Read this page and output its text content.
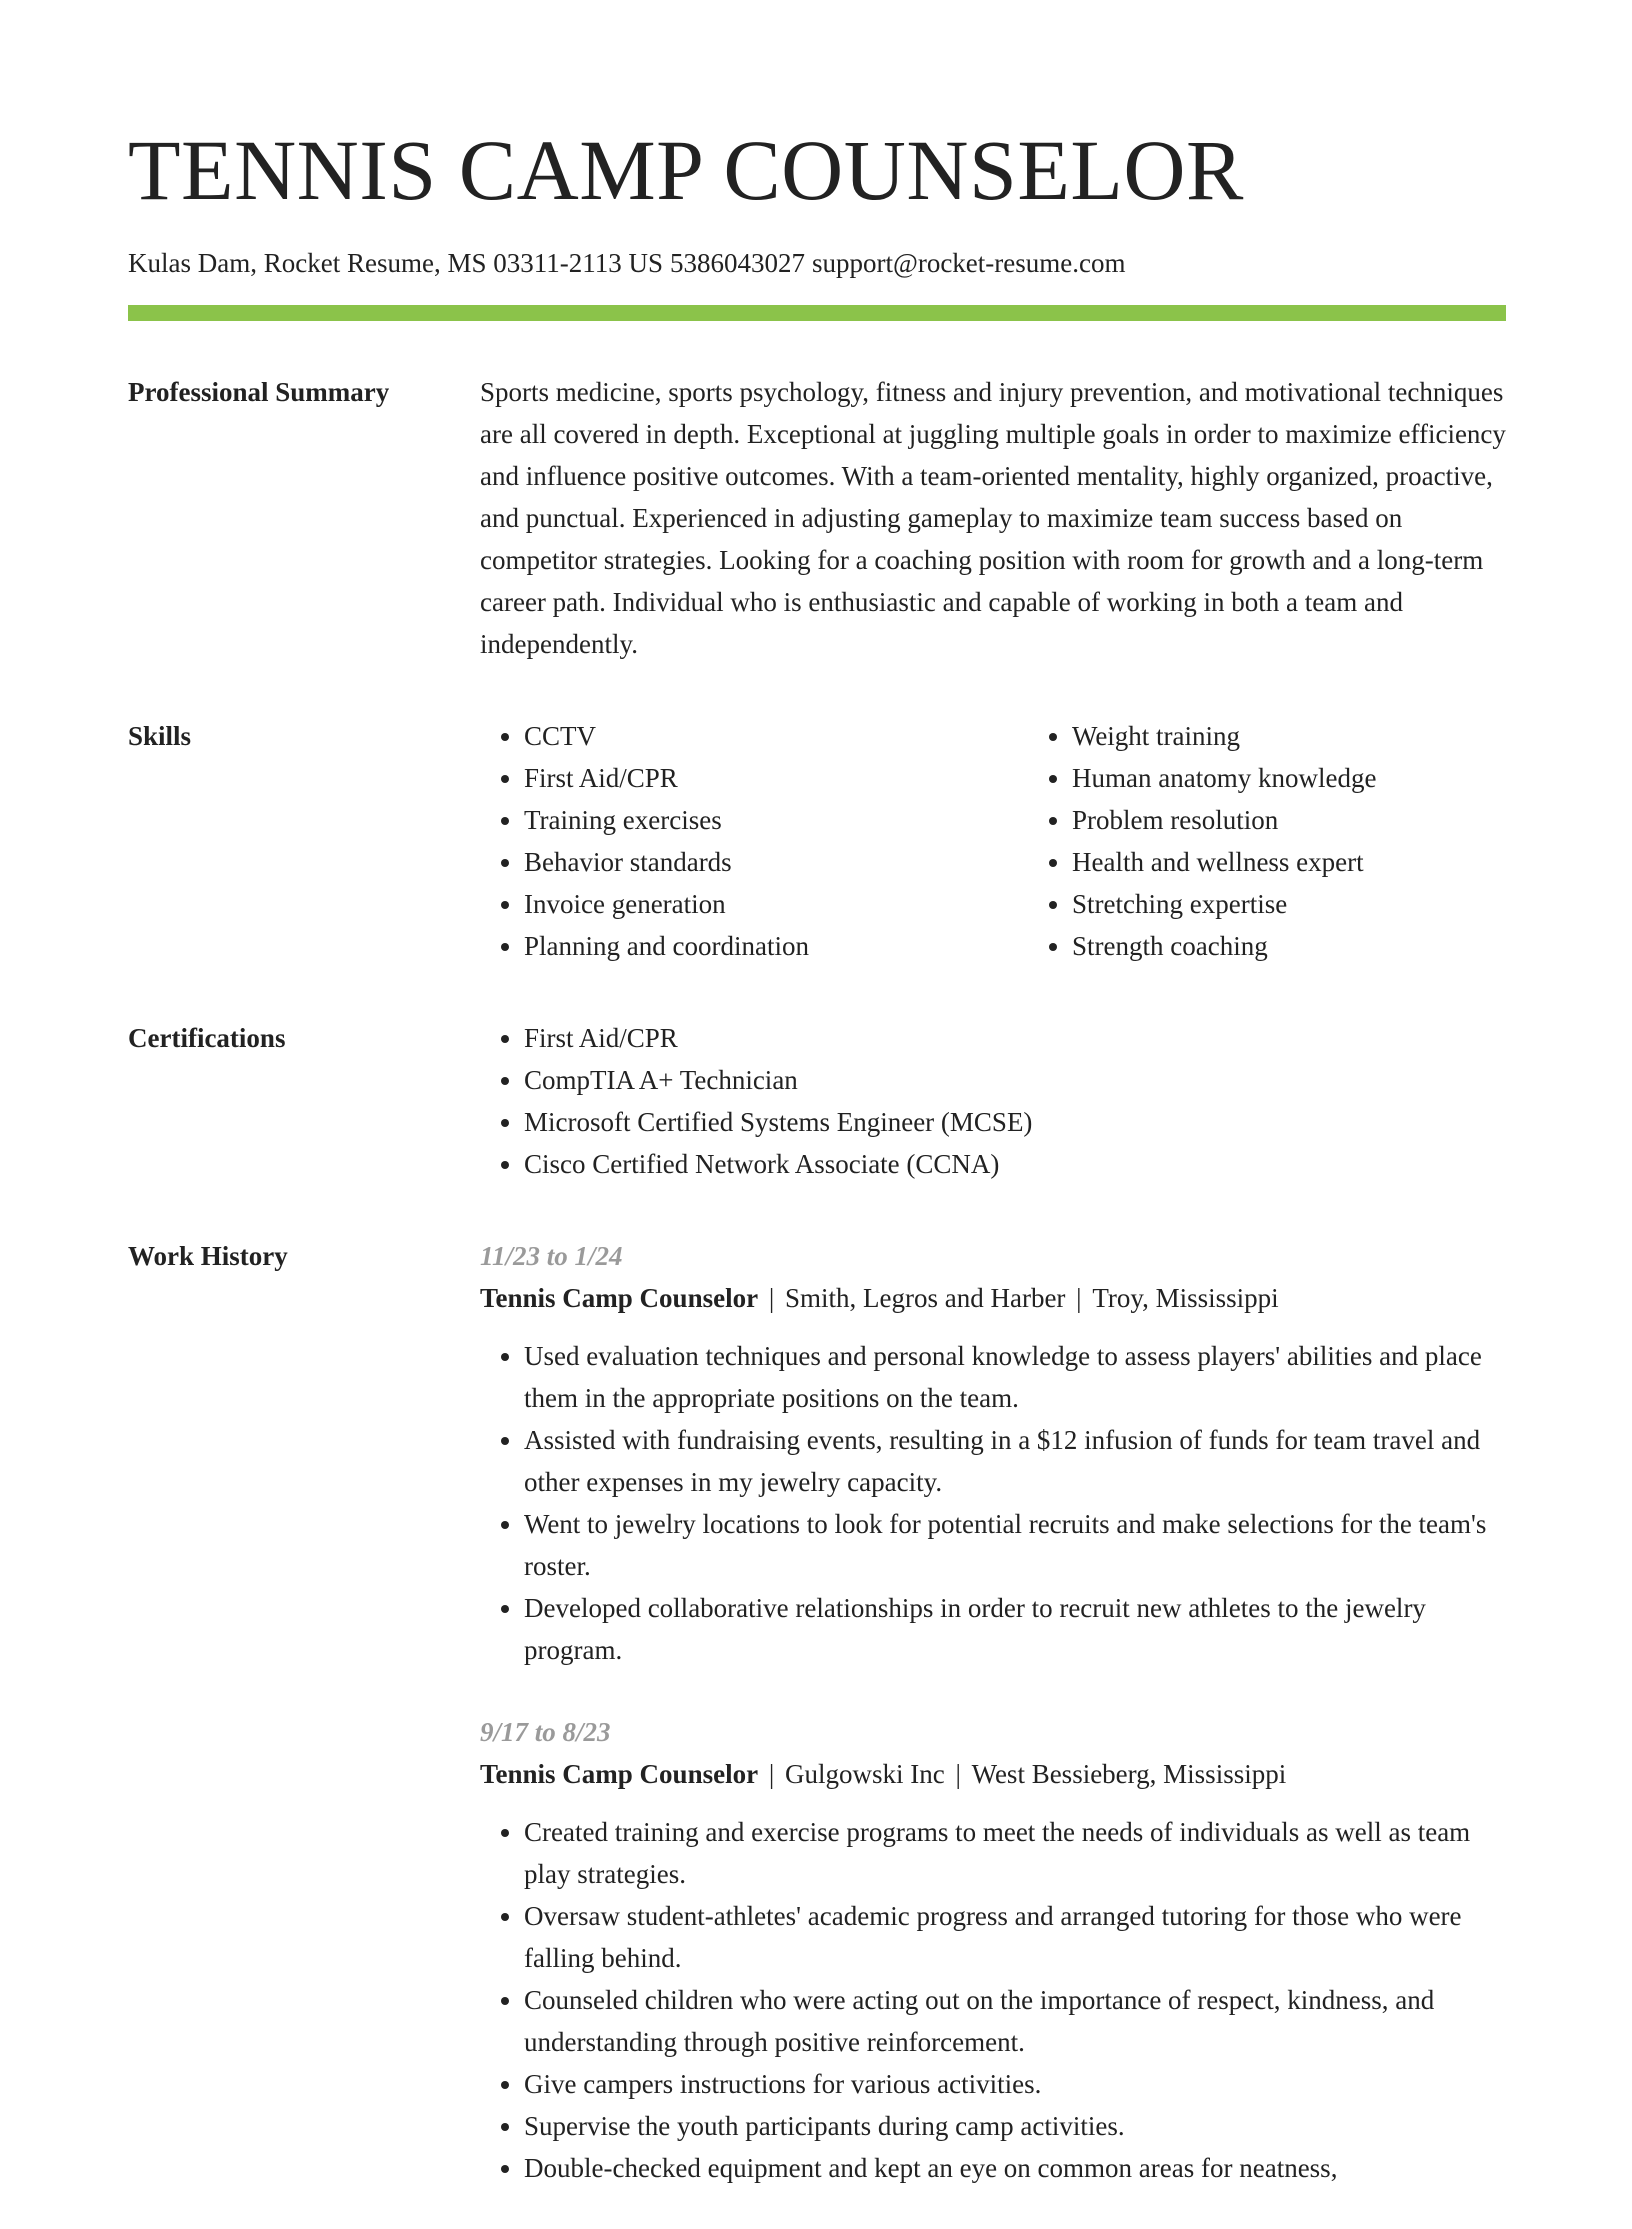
TENNIS CAMP COUNSELOR
Kulas Dam, Rocket Resume, MS 03311-2113 US 5386043027 support@rocket-resume.com
Professional Summary	Sports medicine, sports psychology, fitness and injury prevention, and motivational techniques are all covered in depth. Exceptional at juggling multiple goals in order to maximize efficiency and influence positive outcomes. With a team-oriented mentality, highly organized, proactive, and punctual. Experienced in adjusting gameplay to maximize team success based on competitor strategies. Looking for a coaching position with room for growth and a long-term career path. Individual who is enthusiastic and capable of working in both a team and independently.

Skills	• CCTV
• First Aid/CPR
• Training exercises
• Behavior standards
• Invoice generation
• Planning and coordination
• Weight training
• Human anatomy knowledge
• Problem resolution
• Health and wellness expert
• Stretching expertise
• Strength coaching
Certifications	• First Aid/CPR
• CompTIA A+ Technician
• Microsoft Certified Systems Engineer (MCSE)
• Cisco Certified Network Associate (CCNA)
Work History	11/23 to 1/24
Tennis Camp Counselor | Smith, Legros and Harber | Troy, Mississippi
• Used evaluation techniques and personal knowledge to assess players' abilities and place them in the appropriate positions on the team.
• Assisted with fundraising events, resulting in a $12 infusion of funds for team travel and other expenses in my jewelry capacity.
• Went to jewelry locations to look for potential recruits and make selections for the team's roster.
• Developed collaborative relationships in order to recruit new athletes to the jewelry program.
9/17 to 8/23
Tennis Camp Counselor | Gulgowski Inc | West Bessieberg, Mississippi
• Created training and exercise programs to meet the needs of individuals as well as team play strategies.
• Oversaw student-athletes' academic progress and arranged tutoring for those who were falling behind.
• Counseled children who were acting out on the importance of respect, kindness, and understanding through positive reinforcement.
• Give campers instructions for various activities.
• Supervise the youth participants during camp activities.
• Double-checked equipment and kept an eye on common areas for neatness,
